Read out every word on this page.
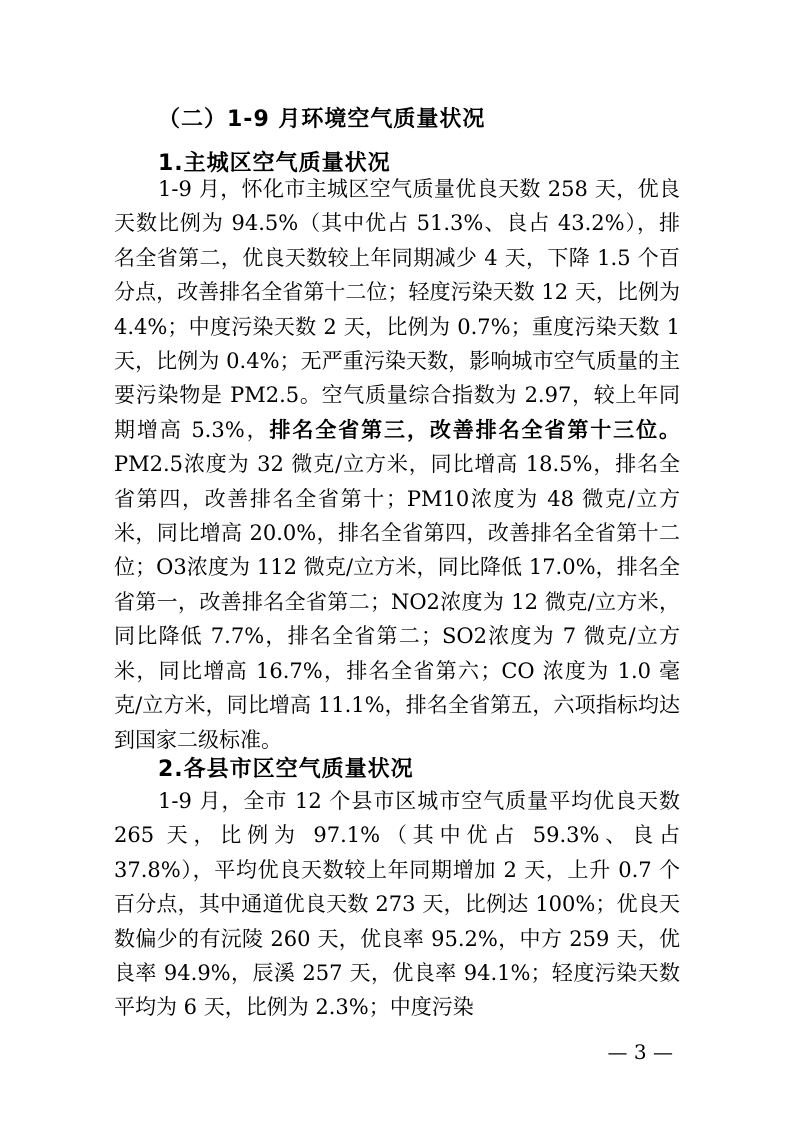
（二）1-9 月环境空气质量状况
1.主城区空气质量状况

1-9 月，怀化市主城区空气质量优良天数 258 天，优良天数比例为 94.5%（其中优占 51.3%、良占 43.2%），排名全省第二，优良天数较上年同期减少 4 天，下降 1.5 个百分点，改善排名全省第十二位；轻度污染天数 12 天，比例为 4.4%；中度污染天数 2 天，比例为 0.7%；重度污染天数 1 天，比例为 0.4%；无严重污染天数，影响城市空气质量的主要污染物是 PM2.5。空气质量综合指数为 2.97，较上年同期增高 5.3%，排名全省第三，改善排名全省第十三位。PM2.5浓度为 32 微克/立方米，同比增高 18.5%，排名全省第四，改善排名全省第十；PM10浓度为 48 微克/立方米，同比增高 20.0%，排名全省第四，改善排名全省第十二位；O3浓度为 112 微克/立方米，同比降低 17.0%，排名全省第一，改善排名全省第二；NO2浓度为 12 微克/立方米，同比降低 7.7%，排名全省第二；SO2浓度为 7 微克/立方米，同比增高 16.7%，排名全省第六；CO 浓度为 1.0 毫克/立方米，同比增高 11.1%，排名全省第五，六项指标均达到国家二级标准。

2.各县市区空气质量状况

1-9 月，全市 12 个县市区城市空气质量平均优良天数 265 天，比例为 97.1%（其中优占 59.3%、良占 37.8%），平均优良天数较上年同期增加 2 天，上升 0.7 个百分点，其中通道优良天数 273 天，比例达 100%；优良天数偏少的有沅陵 260 天，优良率 95.2%，中方 259 天，优良率 94.9%，辰溪 257 天，优良率 94.1%；轻度污染天数平均为 6 天，比例为 2.3%；中度污染

— 3 —
